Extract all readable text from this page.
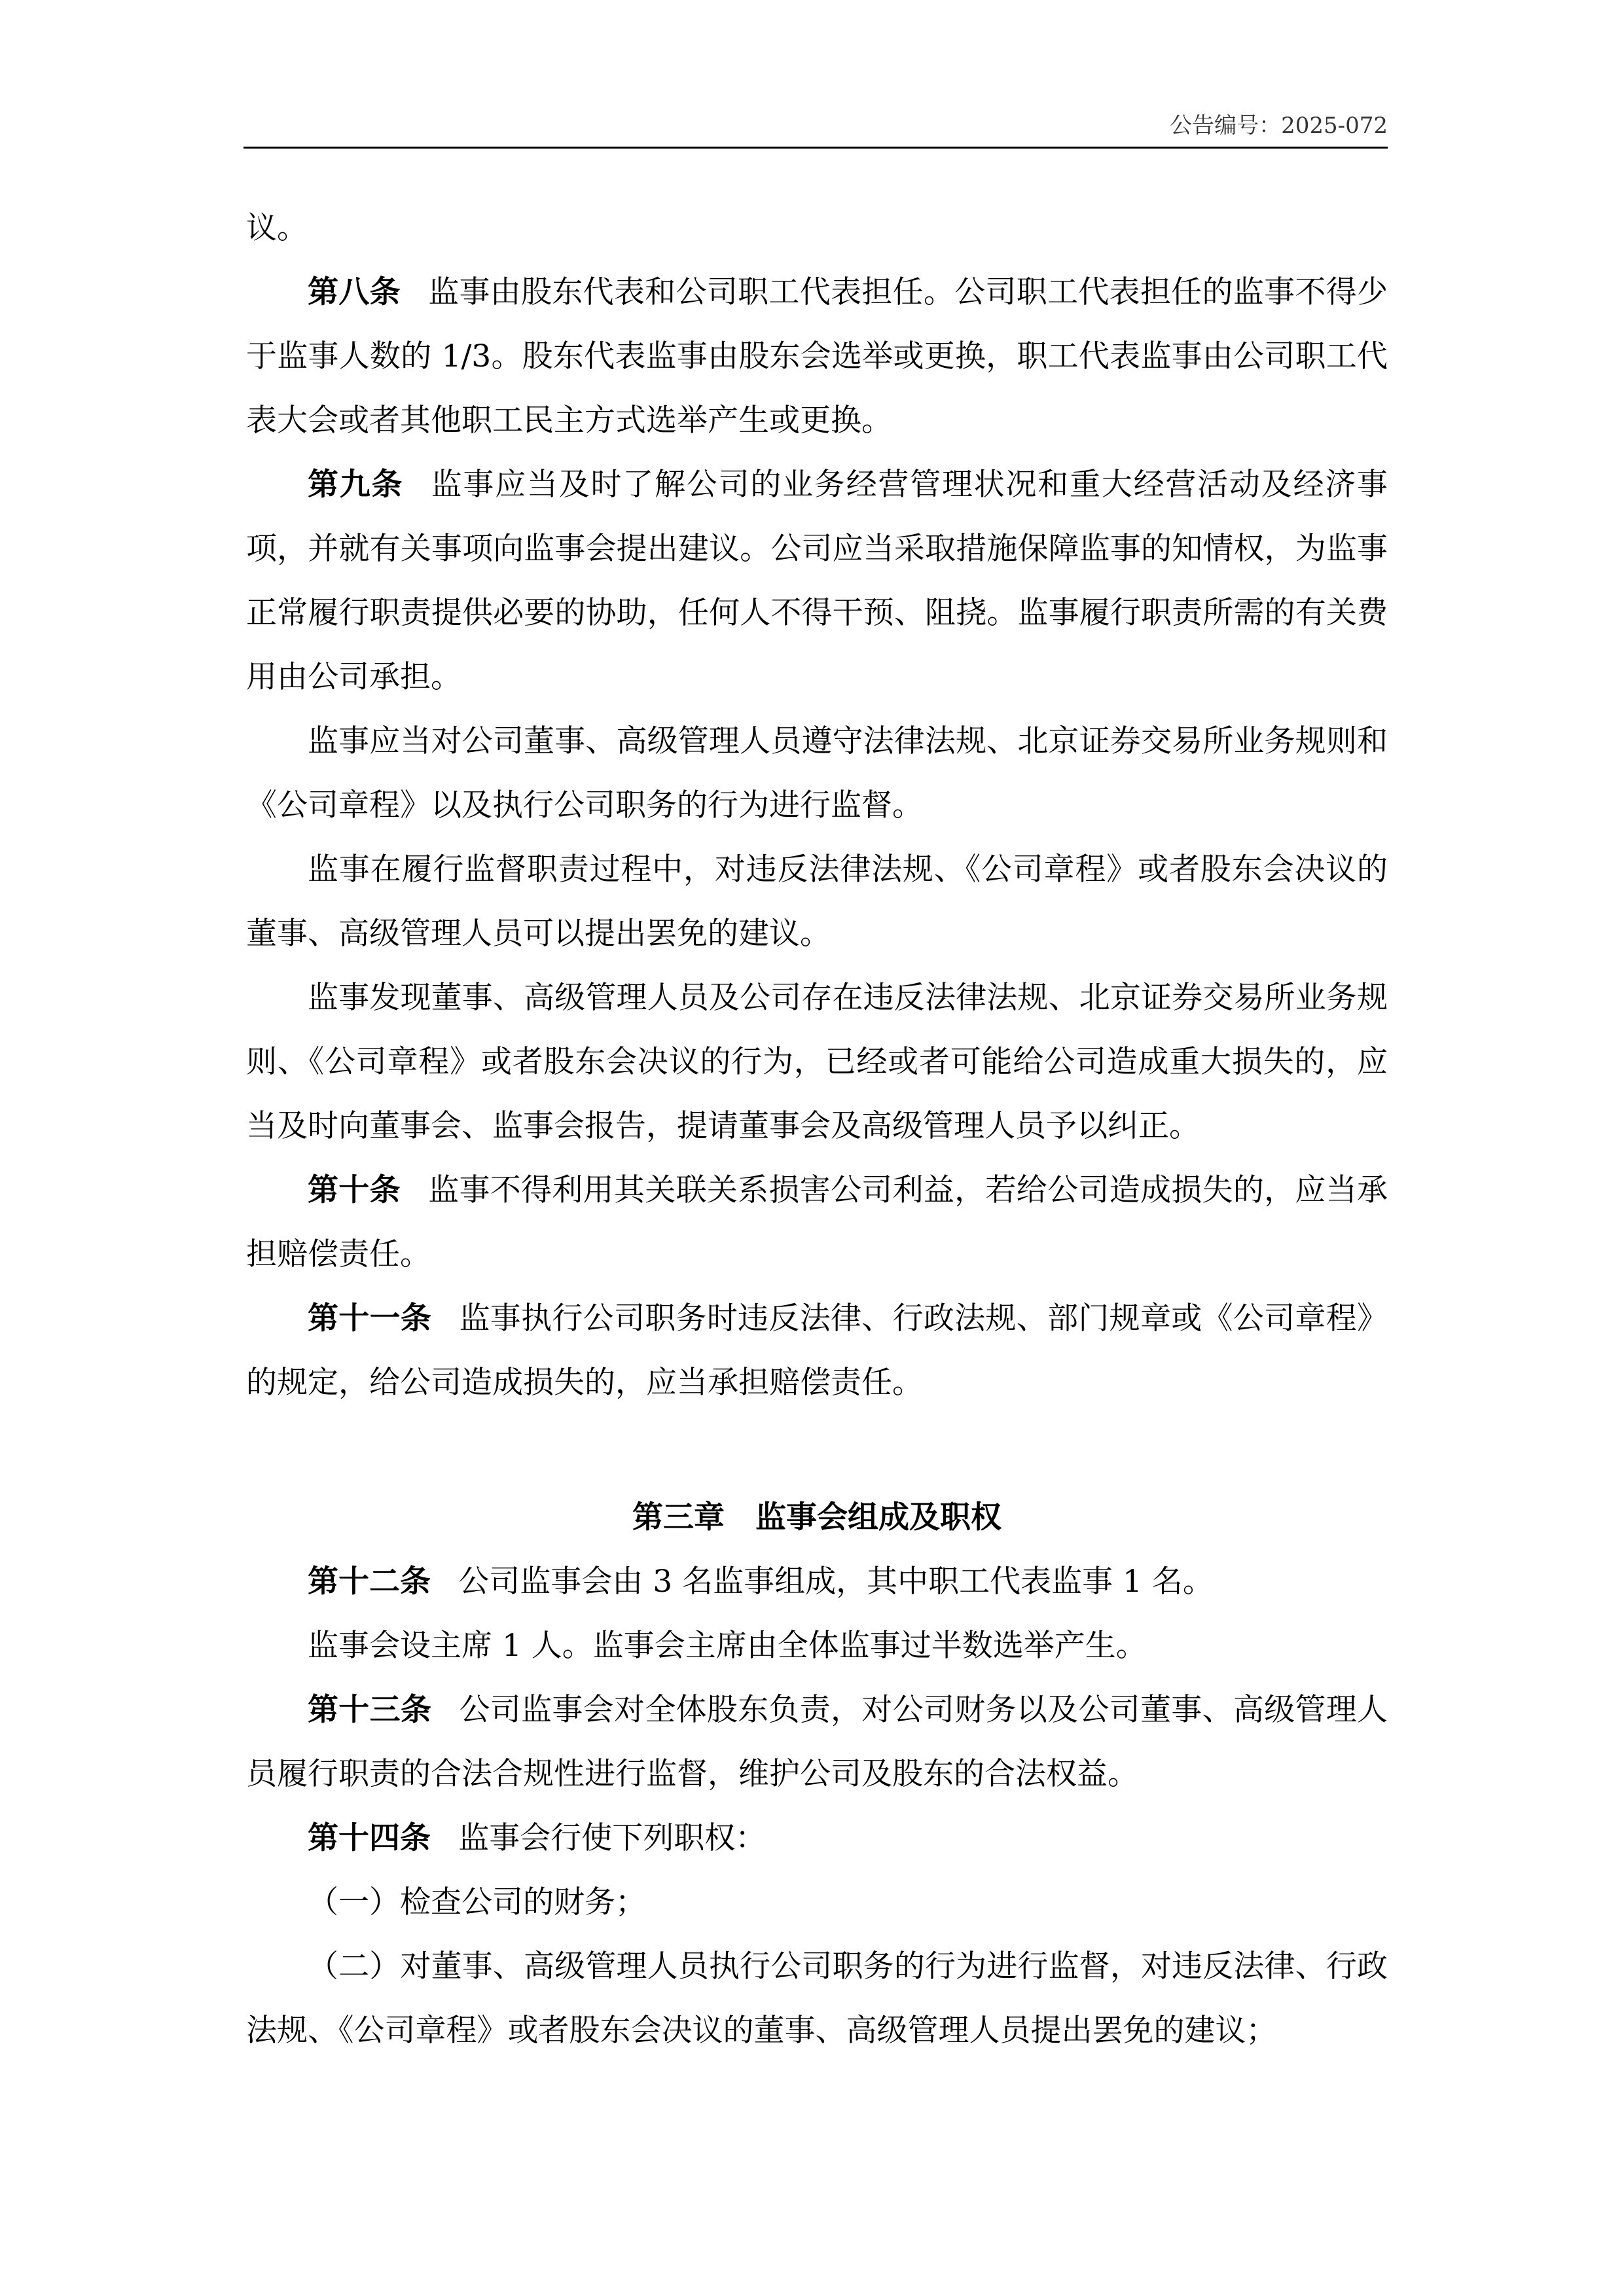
公告编号：2025-072

议。

第八条 监事由股东代表和公司职工代表担任。公司职工代表担任的监事不得少于监事人数的 1/3。股东代表监事由股东会选举或更换，职工代表监事由公司职工代表大会或者其他职工民主方式选举产生或更换。

第九条 监事应当及时了解公司的业务经营管理状况和重大经营活动及经济事项，并就有关事项向监事会提出建议。公司应当采取措施保障监事的知情权，为监事正常履行职责提供必要的协助，任何人不得干预、阻挠。监事履行职责所需的有关费用由公司承担。

监事应当对公司董事、高级管理人员遵守法律法规、北京证券交易所业务规则和《公司章程》以及执行公司职务的行为进行监督。

监事在履行监督职责过程中，对违反法律法规、《公司章程》或者股东会决议的董事、高级管理人员可以提出罢免的建议。

监事发现董事、高级管理人员及公司存在违反法律法规、北京证券交易所业务规则、《公司章程》或者股东会决议的行为，已经或者可能给公司造成重大损失的，应当及时向董事会、监事会报告，提请董事会及高级管理人员予以纠正。

第十条 监事不得利用其关联关系损害公司利益，若给公司造成损失的，应当承担赔偿责任。

第十一条 监事执行公司职务时违反法律、行政法规、部门规章或《公司章程》的规定，给公司造成损失的，应当承担赔偿责任。

第三章 监事会组成及职权

第十二条 公司监事会由 3 名监事组成，其中职工代表监事 1 名。

监事会设主席 1 人。监事会主席由全体监事过半数选举产生。

第十三条 公司监事会对全体股东负责，对公司财务以及公司董事、高级管理人员履行职责的合法合规性进行监督，维护公司及股东的合法权益。

第十四条 监事会行使下列职权：

（一）检查公司的财务；

（二）对董事、高级管理人员执行公司职务的行为进行监督，对违反法律、行政法规、《公司章程》或者股东会决议的董事、高级管理人员提出罢免的建议；
